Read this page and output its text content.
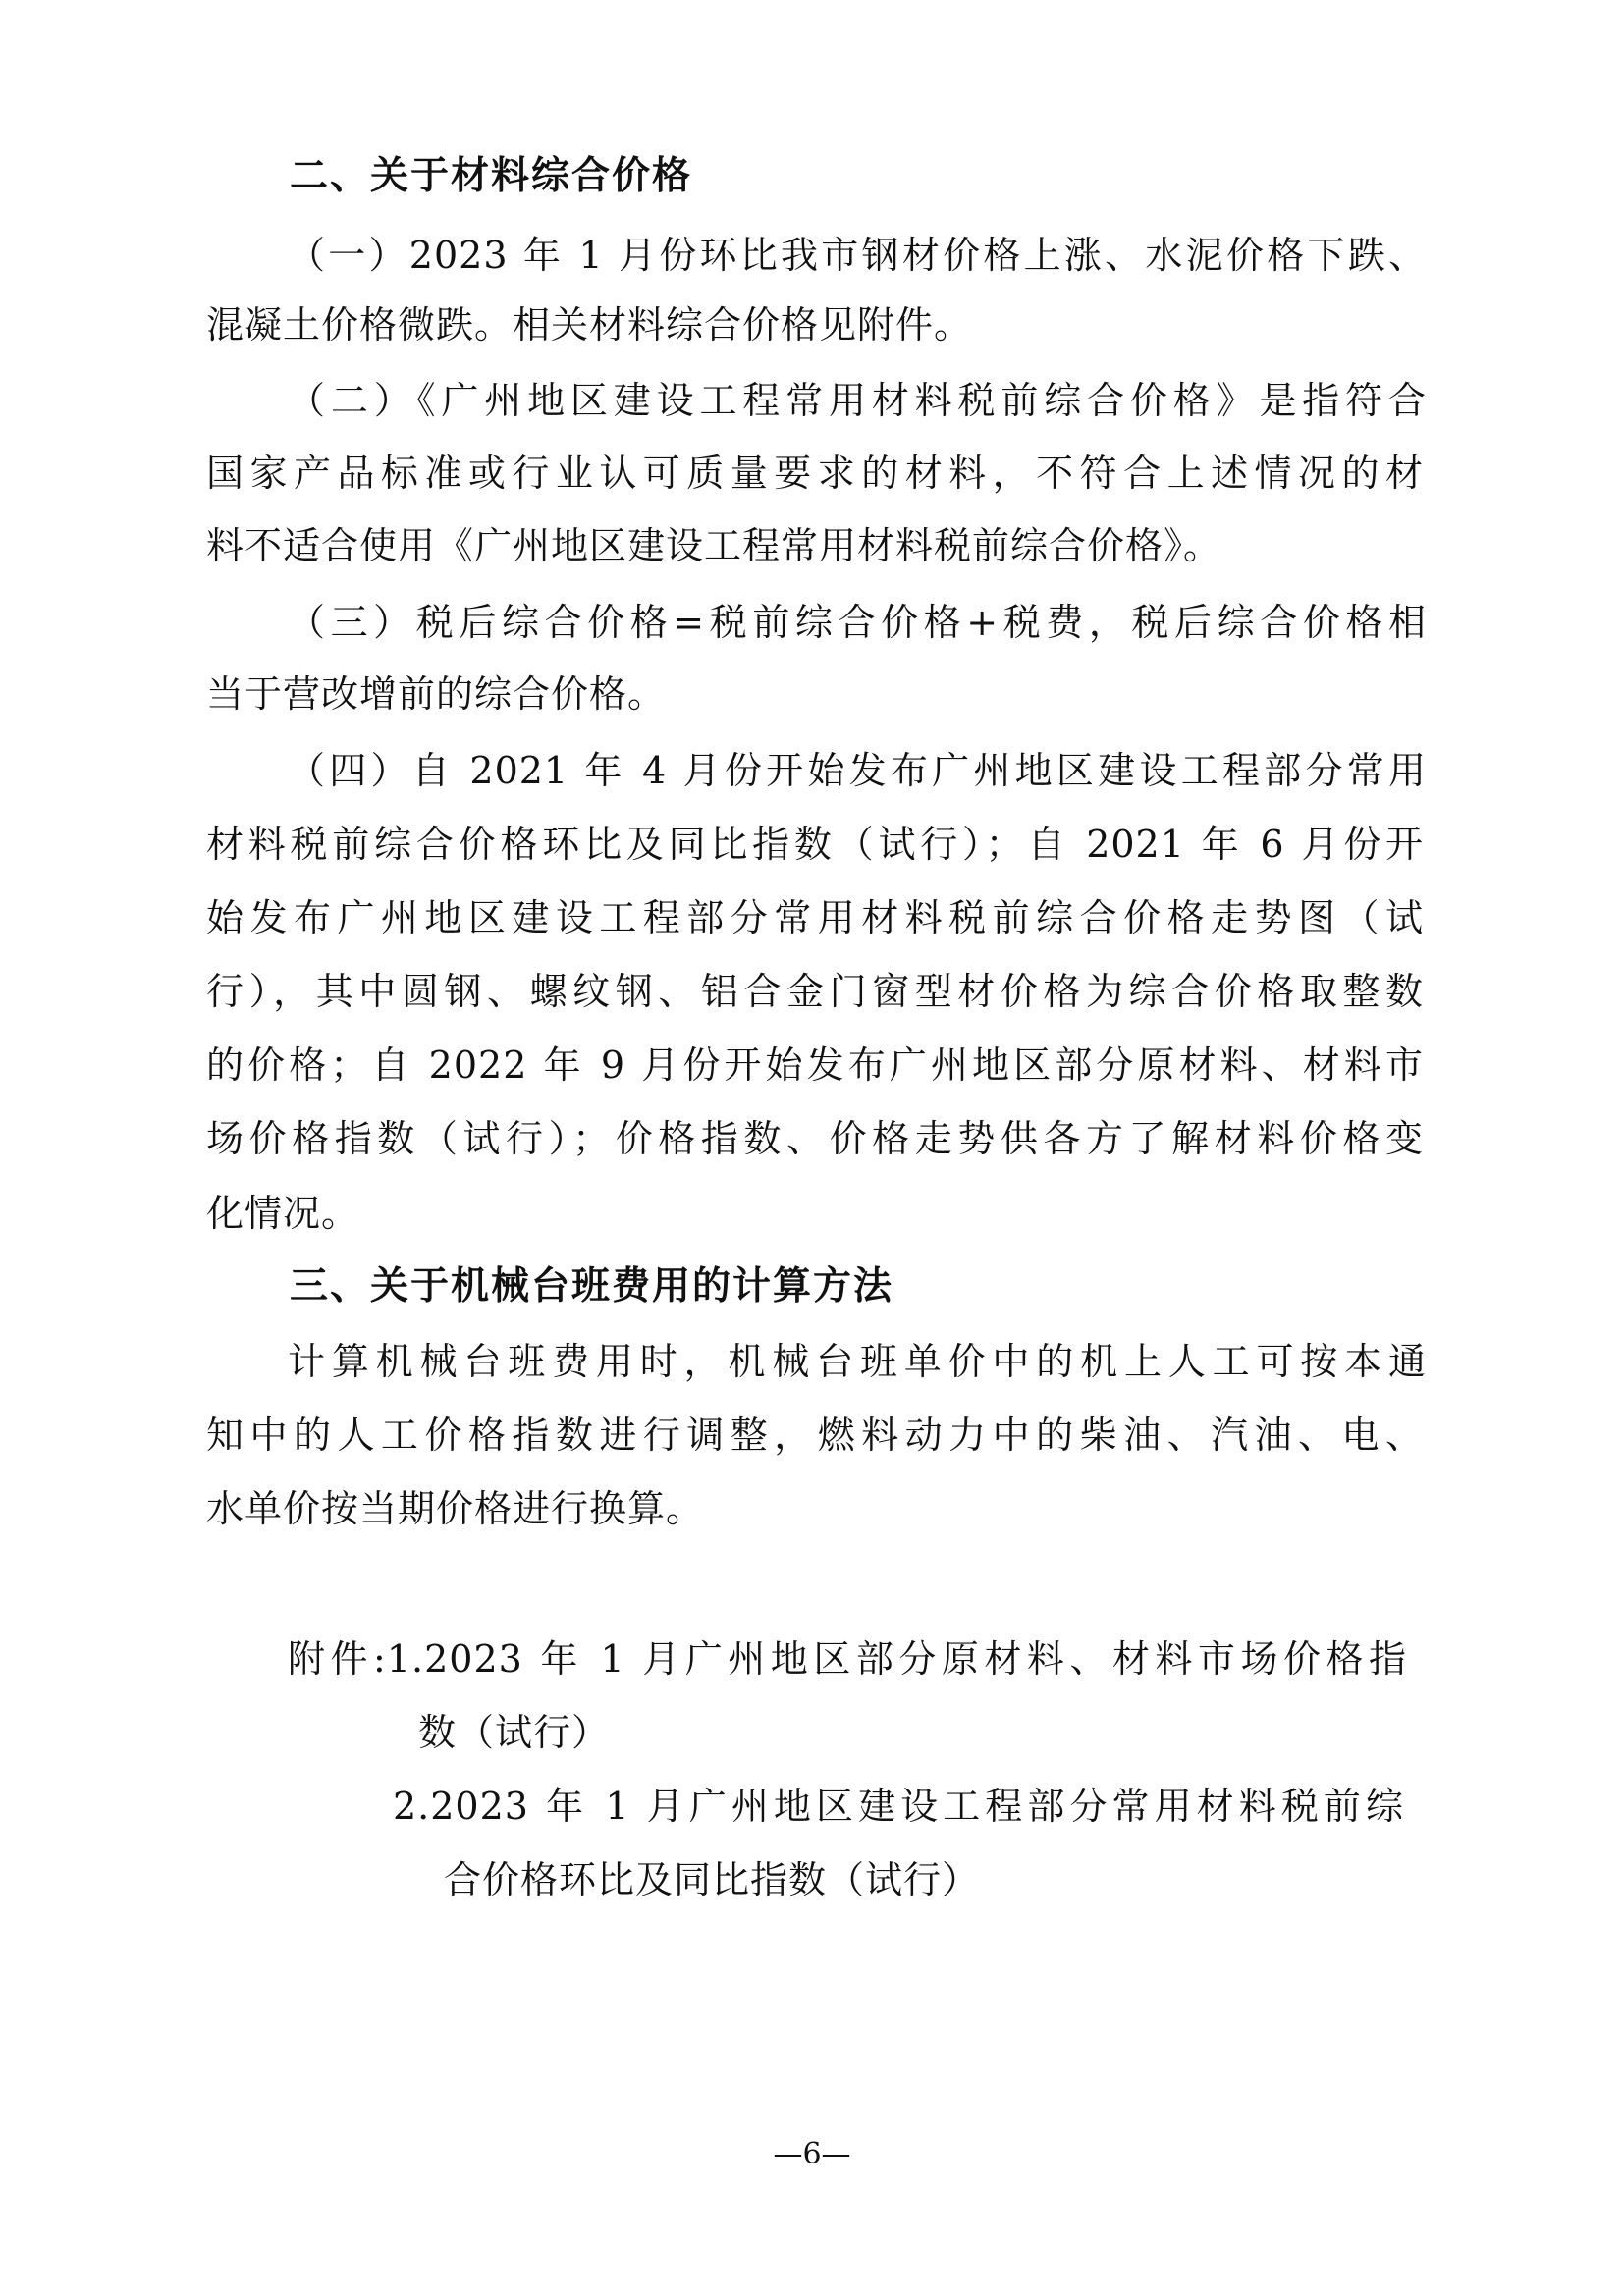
二、关于材料综合价格
（一）2023 年 1 月份环比我市钢材价格上涨、水泥价格下跌、
混凝土价格微跌。相关材料综合价格见附件。
（二）《广州地区建设工程常用材料税前综合价格》是指符合
国家产品标准或行业认可质量要求的材料，不符合上述情况的材
料不适合使用《广州地区建设工程常用材料税前综合价格》。
（三）税后综合价格=税前综合价格+税费，税后综合价格相
当于营改增前的综合价格。
（四）自 2021 年 4 月份开始发布广州地区建设工程部分常用
材料税前综合价格环比及同比指数（试行）；自 2021 年 6 月份开
始发布广州地区建设工程部分常用材料税前综合价格走势图（试
行），其中圆钢、螺纹钢、铝合金门窗型材价格为综合价格取整数
的价格；自 2022 年 9 月份开始发布广州地区部分原材料、材料市
场价格指数（试行）；价格指数、价格走势供各方了解材料价格变
化情况。
三、关于机械台班费用的计算方法
计算机械台班费用时，机械台班单价中的机上人工可按本通
知中的人工价格指数进行调整，燃料动力中的柴油、汽油、电、
水单价按当期价格进行换算。
附件:1.2023 年 1 月广州地区部分原材料、材料市场价格指
数（试行）
2.2023 年 1 月广州地区建设工程部分常用材料税前综
合价格环比及同比指数（试行）
—6—
